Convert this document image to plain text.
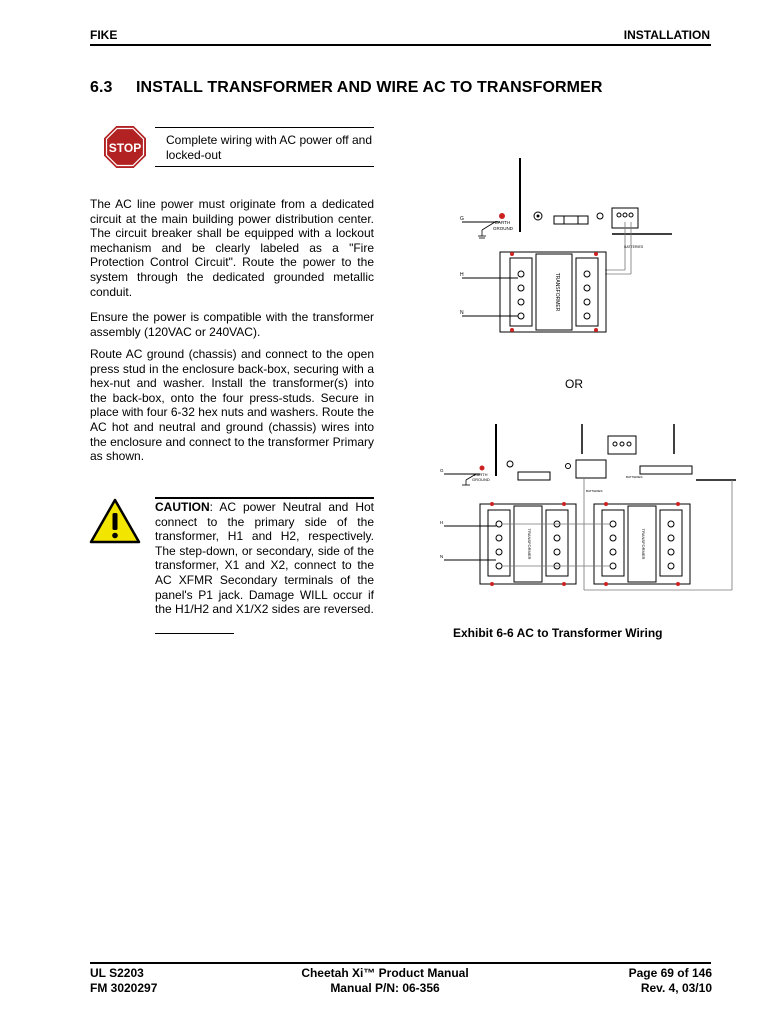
FIKE	INSTALLATION
6.3 INSTALL TRANSFORMER AND WIRE AC TO TRANSFORMER
STOP
Complete wiring with AC power off and locked-out
The AC line power must originate from a dedicated circuit at the main building power distribution center. The circuit breaker shall be equipped with a lockout mechanism and be clearly labeled as a "Fire Protection Control Circuit". Route the power to the system through the dedicated grounded metallic conduit.
Ensure the power is compatible with the transformer assembly (120VAC or 240VAC).
Route AC ground (chassis) and connect to the open press stud in the enclosure back-box, securing with a hex-nut and washer. Install the transformer(s) into the back-box, onto the four press-studs. Secure in place with four 6-32 hex nuts and washers. Route the AC hot and neutral and ground (chassis) wires into the enclosure and connect to the transformer Primary as shown.
CAUTION: AC power Neutral and Hot connect to the primary side of the transformer, H1 and H2, respectively. The step-down, or secondary, side of the transformer, X1 and X2, connect to the AC XFMR Secondary terminals of the panel's P1 jack. Damage WILL occur if the H1/H2 and X1/X2 sides are reversed.
G
EARTH
GROUND
BATTERIES
TRANSFORMER
H
N
OR
G
EARTH
GROUND
BATTERIES
BATTERIES
TRANSFORMER	TRANSFORMER
H
N
Exhibit 6-6 AC to Transformer Wiring
UL S2203
FM 3020297
Cheetah Xi™ Product Manual
Manual P/N: 06-356
Page 69 of 146
Rev. 4, 03/10
